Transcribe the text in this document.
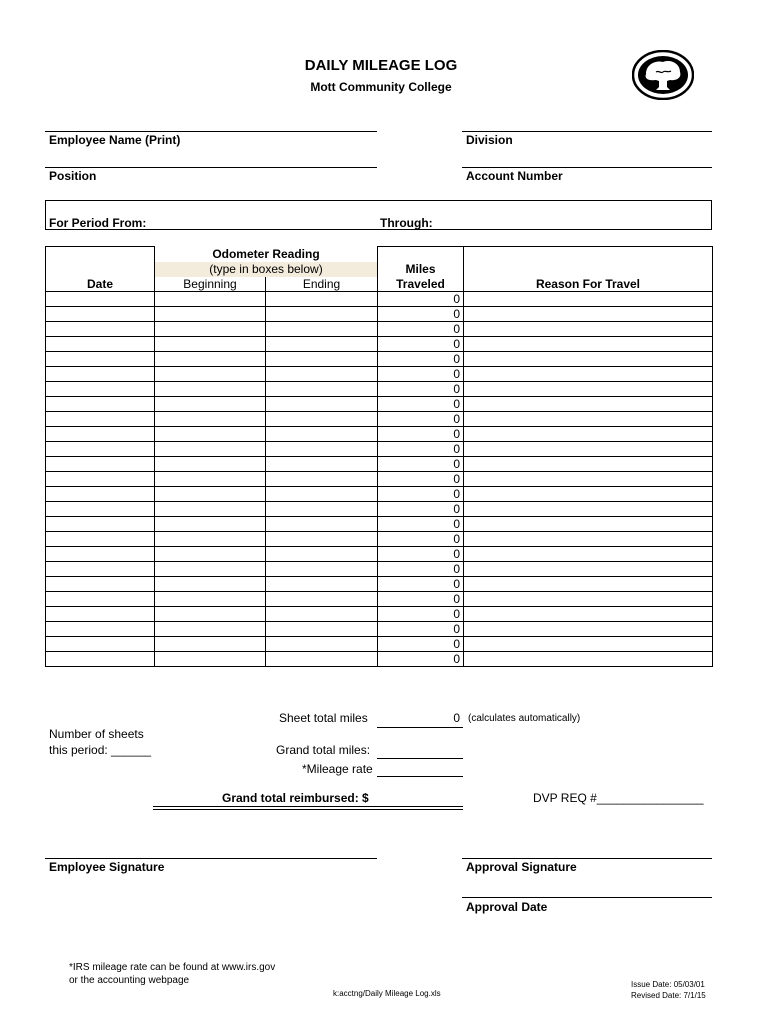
DAILY MILEAGE LOG
Mott Community College
Employee Name (Print)	Division
Position	Account Number
For Period From:	Through:
	Odometer Reading			
	(type in boxes below)		Miles	
Date	Beginning	Ending	Traveled	Reason For Travel
			0	
			0	
			0	
			0	
			0	
			0	
			0	
			0	
			0	
			0	
			0	
			0	
			0	
			0	
			0	
			0	
			0	
			0	
			0	
			0	
			0	
			0	
			0	
			0	
			0	
Sheet total miles	0 (calculates automatically)
Number of sheets
this period: ______	Grand total miles:
*Mileage rate
Grand total reimbursed: $	DVP REQ #________________
Employee Signature	Approval Signature
Approval Date
*IRS mileage rate can be found at www.irs.gov
or the accounting webpage
k:acctng/Daily Mileage Log.xls
Issue Date: 05/03/01
Revised Date: 7/1/15
